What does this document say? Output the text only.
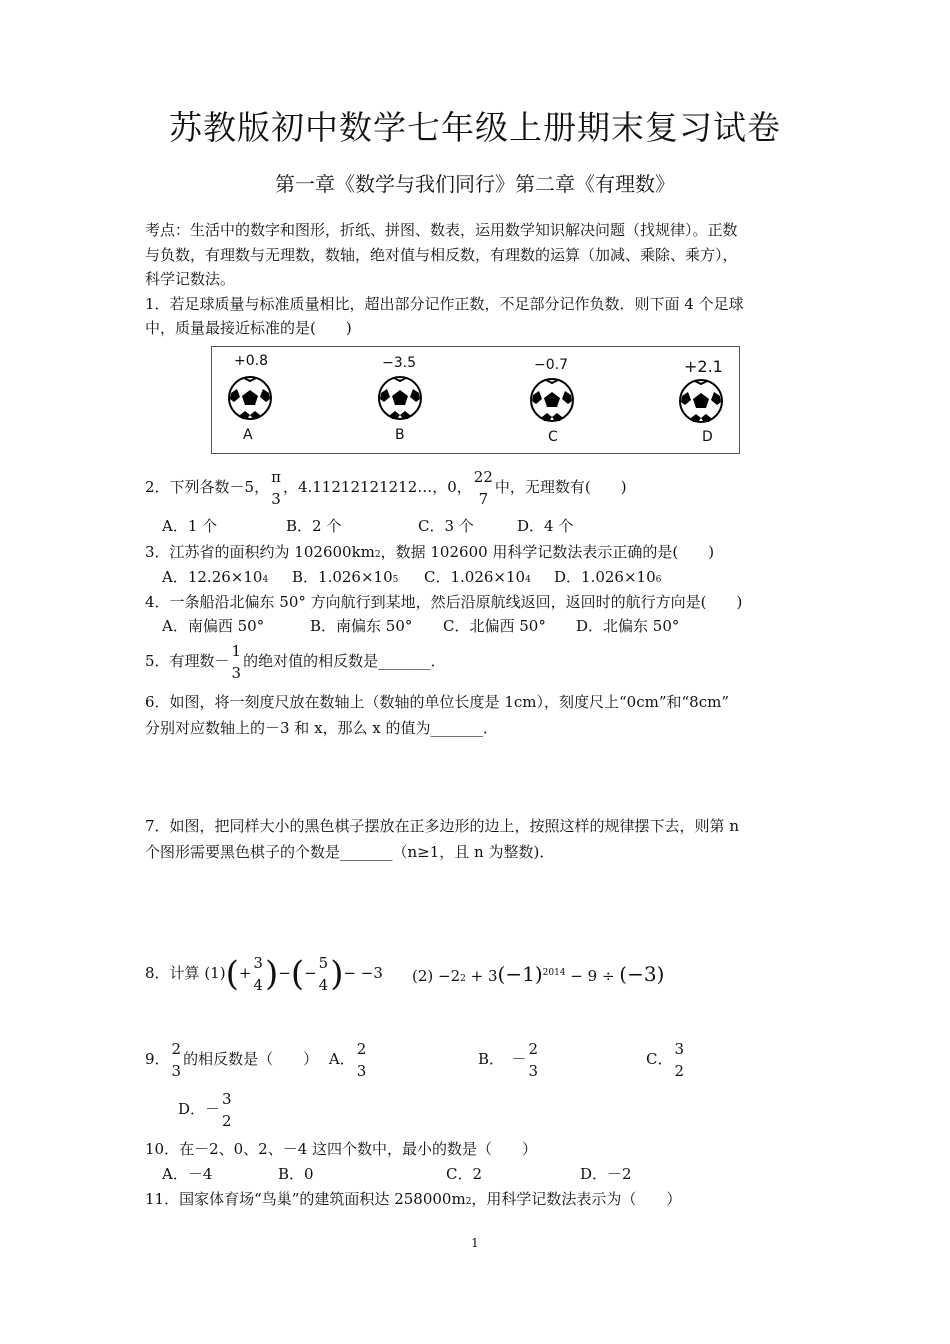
苏教版初中数学七年级上册期末复习试卷
第一章《数学与我们同行》第二章《有理数》
考点：生活中的数字和图形，折纸、拼图、数表，运用数学知识解决问题（找规律）。正数
与负数，有理数与无理数，数轴，绝对值与相反数，有理数的运算（加减、乘除、乘方），
科学记数法。
1．若足球质量与标准质量相比，超出部分记作正数，不足部分记作负数．则下面 4 个足球
中，质量最接近标准的是(　　)
+0.8
A
−3.5
B
−0.7
C
+2.1
D
2．下列各数－5，
π
3
，4.11212121212…，0，
22
7
中，无理数有(　　)
A．1 个	B．2 个	C．3 个	D．4 个
3．江苏省的面积约为 102600km2，数据 102600 用科学记数法表示正确的是(　　)
A．12.26×104 B．1.026×105 C．1.026×104 D．1.026×106
4．一条船沿北偏东 50° 方向航行到某地，然后沿原航线返回，返回时的航行方向是(　　)
A．南偏西 50°	B．南偏东 50° C．北偏西 50° D．北偏东 50°
5．有理数－
1
3
的绝对值的相反数是_______．
6．如图，将一刻度尺放在数轴上（数轴的单位长度是 1cm），刻度尺上“0cm”和“8cm”
分别对应数轴上的－3 和 x，那么 x 的值为_______．
7．如图，把同样大小的黑色棋子摆放在正多边形的边上，按照这样的规律摆下去，则第 n
个图形需要黑色棋子的个数是_______（n≥1，且 n 为整数)．
8．计算 (1)(+
3
4 )−(−
5
4 )− −3 $(2) -22 + 3(-1)^{2014} - 9 \div (-3)$
9．
2
3
的相反数是（　　） A．
2
3
B．　－
2
3
C．
3
2
D．－
3
2
10．在－2、0、2、－4 这四个数中，最小的数是（　　）
A．－4	B．0	C．2	D．－2
11．国家体育场“鸟巢”的建筑面积达 258000m2，用科学记数法表示为（　　）
1
